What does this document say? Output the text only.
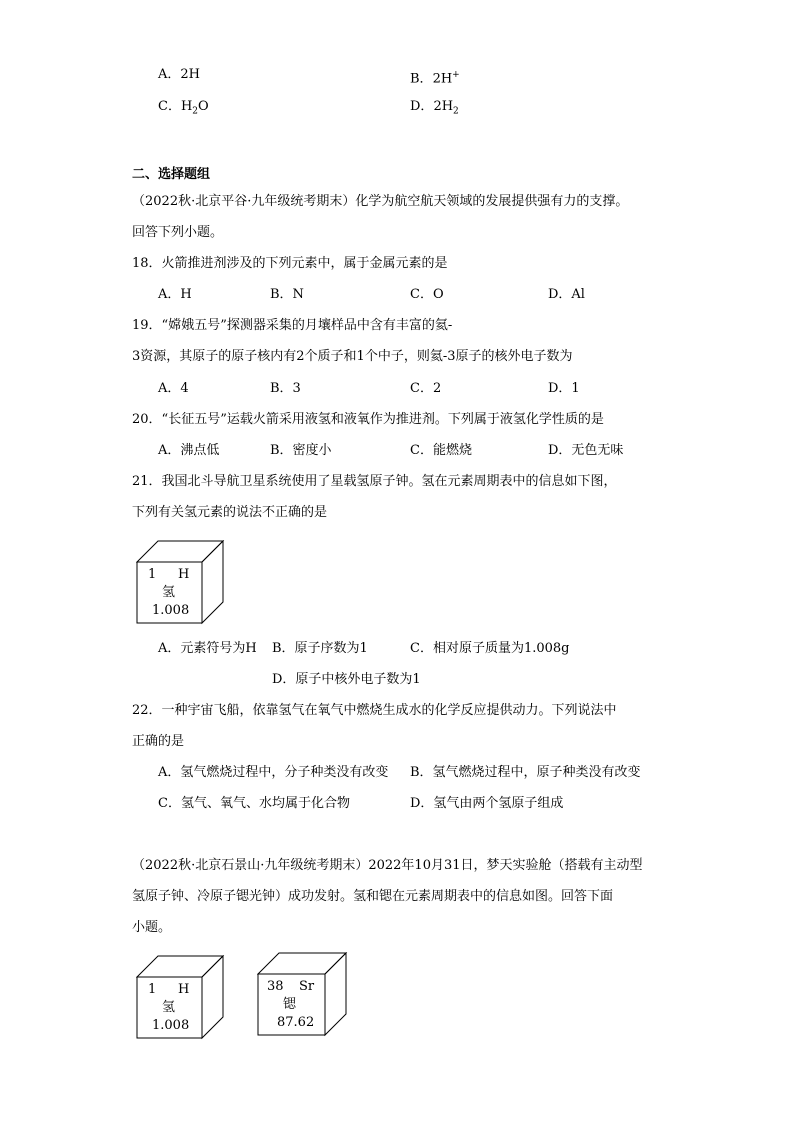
A．2H	B．2H+
C．$H_2O$	D．$2H_2$
二、选择题组
（2022秋·北京平谷·九年级统考期末）化学为航空航天领域的发展提供强有力的支撑。
回答下列小题。
18．火箭推进剂涉及的下列元素中，属于金属元素的是
A．H	B．N	C．O	D．Al
19．“嫦娥五号”探测器采集的月壤样品中含有丰富的氦-
3资源，其原子的原子核内有2个质子和1个中子，则氦-3原子的核外电子数为
A．4	B．3	C．2	D．1
20．“长征五号”运载火箭采用液氢和液氧作为推进剂。下列属于液氢化学性质的是
A．沸点低	B．密度小	C．能燃烧	D．无色无味
21．我国北斗导航卫星系统使用了星载氢原子钟。氢在元素周期表中的信息如下图，
下列有关氢元素的说法不正确的是
1 H
氢
1.008
A．元素符号为H B．原子序数为1	C．相对原子质量为1.008g
D．原子中核外电子数为1
22．一种宇宙飞船，依靠氢气在氧气中燃烧生成水的化学反应提供动力。下列说法中
正确的是
A．氢气燃烧过程中，分子种类没有改变 B．氢气燃烧过程中，原子种类没有改变
C．氢气、氧气、水均属于化合物	D．氢气由两个氢原子组成
（2022秋·北京石景山·九年级统考期末）2022年10月31日，梦天实验舱（搭载有主动型
氢原子钟、冷原子锶光钟）成功发射。氢和锶在元素周期表中的信息如图。回答下面
小题。
1 H
氢
1.008
38 Sr
锶
87.62
